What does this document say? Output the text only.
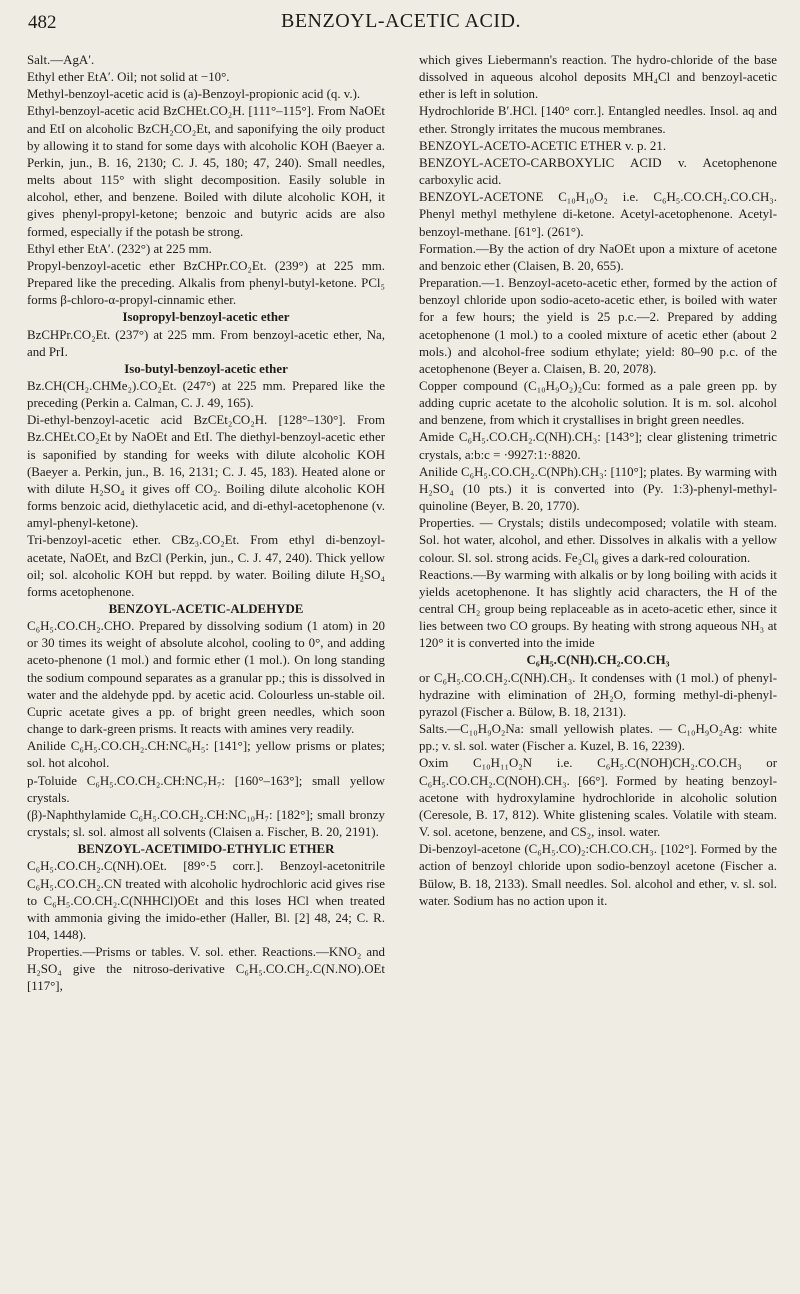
482	BENZOYL-ACETIC ACID.

Salt.—AgA′.

Ethyl ether EtA′. Oil; not solid at −10°.

Methyl-benzoyl-acetic acid is (a)-Benzoyl-propionic acid (q. v.).

Ethyl-benzoyl-acetic acid BzCHEt.CO₂H. [111°–115°]. From NaOEt and EtI on alcoholic BzCH₂CO₂Et, and saponifying the oily product by allowing it to stand for some days with alcoholic KOH (Baeyer a. Perkin, jun., B. 16, 2130; C. J. 45, 180; 47, 240). Small needles, melts about 115° with slight decomposition. Easily soluble in alcohol, ether, and benzene. Boiled with dilute alcoholic KOH, it gives phenyl-propyl-ketone; benzoic and butyric acids are also formed, especially if the potash be strong.

Ethyl ether EtA′. (232°) at 225 mm.

Propyl-benzoyl-acetic ether BzCHPr.CO₂Et. (239°) at 225 mm. Prepared like the preceding. Alkalis from phenyl-butyl-ketone. PCl₅ forms β-chloro-α-propyl-cinnamic ether.

Isopropyl-benzoyl-acetic ether

BzCHPr.CO₂Et. (237°) at 225 mm. From benzoyl-acetic ether, Na, and PrI.

Iso-butyl-benzoyl-acetic ether

Bz.CH(CH₂.CHMe₂).CO₂Et. (247°) at 225 mm. Prepared like the preceding (Perkin a. Calman, C. J. 49, 165).

Di-ethyl-benzoyl-acetic acid BzCEt₂CO₂H. [128°–130°]. From Bz.CHEt.CO₂Et by NaOEt and EtI. The diethyl-benzoyl-acetic ether is saponified by standing for weeks with dilute alcoholic KOH (Baeyer a. Perkin, jun., B. 16, 2131; C. J. 45, 183). Heated alone or with dilute H₂SO₄ it gives off CO₂. Boiling dilute alcoholic KOH forms benzoic acid, diethylacetic acid, and di-ethyl-acetophenone (v. amyl-phenyl-ketone).

Tri-benzoyl-acetic ether. CBz₃.CO₂Et. From ethyl di-benzoyl-acetate, NaOEt, and BzCl (Perkin, jun., C. J. 47, 240). Thick yellow oil; sol. alcoholic KOH but reppd. by water. Boiling dilute H₂SO₄ forms acetophenone.

BENZOYL-ACETIC-ALDEHYDE

C₆H₅.CO.CH₂.CHO. Prepared by dissolving sodium (1 atom) in 20 or 30 times its weight of absolute alcohol, cooling to 0°, and adding aceto-phenone (1 mol.) and formic ether (1 mol.). On long standing the sodium compound separates as a granular pp.; this is dissolved in water and the aldehyde ppd. by acetic acid. Colourless un-stable oil. Cupric acetate gives a pp. of bright green needles, which soon change to dark-green prisms. It reacts with amines very readily.

Anilide C₆H₅.CO.CH₂.CH:NC₆H₅: [141°]; yellow prisms or plates; sol. hot alcohol.

p-Toluide C₆H₅.CO.CH₂.CH:NC₇H₇: [160°–163°]; small yellow crystals.

(β)-Naphthylamide C₆H₅.CO.CH₂.CH:NC₁₀H₇: [182°]; small bronzy crystals; sl. sol. almost all solvents (Claisen a. Fischer, B. 20, 2191).

BENZOYL-ACETIMIDO-ETHYLIC ETHER

C₆H₅.CO.CH₂.C(NH).OEt. [89°·5 corr.]. Benzoyl-acetonitrile C₆H₅.CO.CH₂.CN treated with alcoholic hydrochloric acid gives rise to C₆H₅.CO.CH₂.C(NHHCl)OEt and this loses HCl when treated with ammonia giving the imido-ether (Haller, Bl. [2] 48, 24; C. R. 104, 1448).

Properties.—Prisms or tables. V. sol. ether. Reactions.—KNO₂ and H₂SO₄ give the nitroso-derivative C₆H₅.CO.CH₂.C(N.NO).OEt [117°],

which gives Liebermann's reaction. The hydro-chloride of the base dissolved in aqueous alcohol deposits MH₄Cl and benzoyl-acetic ether is left in solution.

Hydrochloride B′.HCl. [140° corr.]. Entangled needles. Insol. aq and ether. Strongly irritates the mucous membranes.

BENZOYL-ACETO-ACETIC ETHER v. p. 21.

BENZOYL-ACETO-CARBOXYLIC ACID v. Acetophenone carboxylic acid.

BENZOYL-ACETONE C₁₀H₁₀O₂ i.e. C₆H₅.CO.CH₂.CO.CH₃. Phenyl methyl methylene di-ketone. Acetyl-acetophenone. Acetyl-benzoyl-methane. [61°]. (261°).

Formation.—By the action of dry NaOEt upon a mixture of acetone and benzoic ether (Claisen, B. 20, 655).

Preparation.—1. Benzoyl-aceto-acetic ether, formed by the action of benzoyl chloride upon sodio-aceto-acetic ether, is boiled with water for a few hours; the yield is 25 p.c.—2. Prepared by adding acetophenone (1 mol.) to a cooled mixture of acetic ether (about 2 mols.) and alcohol-free sodium ethylate; yield: 80–90 p.c. of the acetophenone (Beyer a. Claisen, B. 20, 2078).

Copper compound (C₁₀H₉O₂)₂Cu: formed as a pale green pp. by adding cupric acetate to the alcoholic solution. It is m. sol. alcohol and benzene, from which it crystallises in bright green needles.

Amide C₆H₅.CO.CH₂.C(NH).CH₃: [143°]; clear glistening trimetric crystals, a:b:c = ·9927:1:·8820.

Anilide C₆H₅.CO.CH₂.C(NPh).CH₃: [110°]; plates. By warming with H₂SO₄ (10 pts.) it is converted into (Py. 1:3)-phenyl-methyl-quinoline (Beyer, B. 20, 1770).

Properties. — Crystals; distils undecomposed; volatile with steam. Sol. hot water, alcohol, and ether. Dissolves in alkalis with a yellow colour. Sl. sol. strong acids. Fe₂Cl₆ gives a dark-red colouration.

Reactions.—By warming with alkalis or by long boiling with acids it yields acetophenone. It has slightly acid characters, the H of the central CH₂ group being replaceable as in aceto-acetic ether, since it lies between two CO groups. By heating with strong aqueous NH₃ at 120° it is converted into the imide

C₆H₅.C(NH).CH₂.CO.CH₃

or C₆H₅.CO.CH₂.C(NH).CH₃. It condenses with (1 mol.) of phenyl-hydrazine with elimination of 2H₂O, forming methyl-di-phenyl-pyrazol (Fischer a. Bülow, B. 18, 2131).

Salts.—C₁₀H₉O₂Na: small yellowish plates. — C₁₀H₉O₂Ag: white pp.; v. sl. sol. water (Fischer a. Kuzel, B. 16, 2239).

Oxim C₁₀H₁₁O₂N i.e. C₆H₅.C(NOH)CH₂.CO.CH₃ or C₆H₅.CO.CH₂.C(NOH).CH₃. [66°]. Formed by heating benzoyl-acetone with hydroxylamine hydrochloride in alcoholic solution (Ceresole, B. 17, 812). White glistening scales. Volatile with steam. V. sol. acetone, benzene, and CS₂, insol. water.

Di-benzoyl-acetone (C₆H₅.CO)₂:CH.CO.CH₃. [102°]. Formed by the action of benzoyl chloride upon sodio-benzoyl acetone (Fischer a. Bülow, B. 18, 2133). Small needles. Sol. alcohol and ether, v. sl. sol. water. Sodium has no action upon it.
